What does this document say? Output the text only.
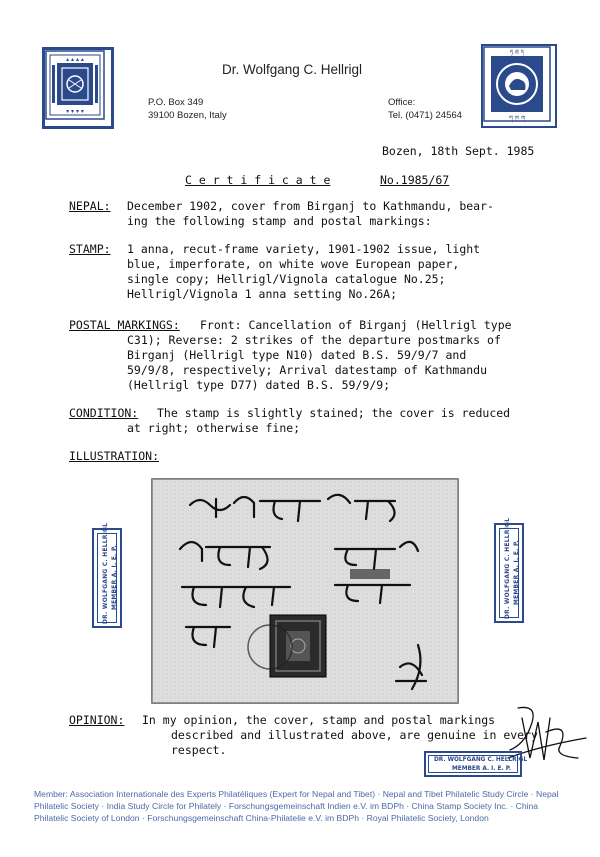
▴ ▴ ▴ ▴
▾ ▾ ▾ ▾
ཏ ཐ ད
ཀ ཁ ག
Dr. Wolfgang C. Hellrigl
P.O. Box 349
39100 Bozen, Italy
Office:
Tel. (0471) 24564
Bozen, 18th Sept. 1985
C e r t i f i c a t e	No.1985/67
NEPAL: December 1902, cover from Birganj to Kathmandu, bear-
ing the following stamp and postal markings:
STAMP: 1 anna, recut-frame variety, 1901-1902 issue, light
blue, imperforate, on white wove European paper,
single copy; Hellrigl/Vignola catalogue No.25;
Hellrigl/Vignola 1 anna setting No.26A;
POSTAL MARKINGS: Front: Cancellation of Birganj (Hellrigl type
C31); Reverse: 2 strikes of the departure postmarks of
Birganj (Hellrigl type N10) dated B.S. 59/9/7 and
59/9/8, respectively; Arrival datestamp of Kathmandu
(Hellrigl type D77) dated B.S. 59/9/9;
CONDITION: The stamp is slightly stained; the cover is reduced
at right; otherwise fine;
ILLUSTRATION:
DR. WOLFGANG C. HELLRIGL MEMBER A. I. E. P.	DR. WOLFGANG C. HELLRIGL MEMBER A. I. E. P.
OPINION: In my opinion, the cover, stamp and postal markings
described and illustrated above, are genuine in every
respect.
DR. WOLFGANG C. HELLRIGL
MEMBER A. I. E. P.
Member: Association Internationale des Experts Philatéliques (Expert for Nepal and Tibet) · Nepal and Tibet Philatelic Study Circle · Nepal Philatelic Society · India Study Circle for Philately · Forschungsgemeinschaft Indien e.V. im BDPh · China Stamp Society Inc. · China Philatelic Society of London · Forschungsgemeinschaft China-Philatelie e.V. im BDPh · Royal Philatelic Society, London
